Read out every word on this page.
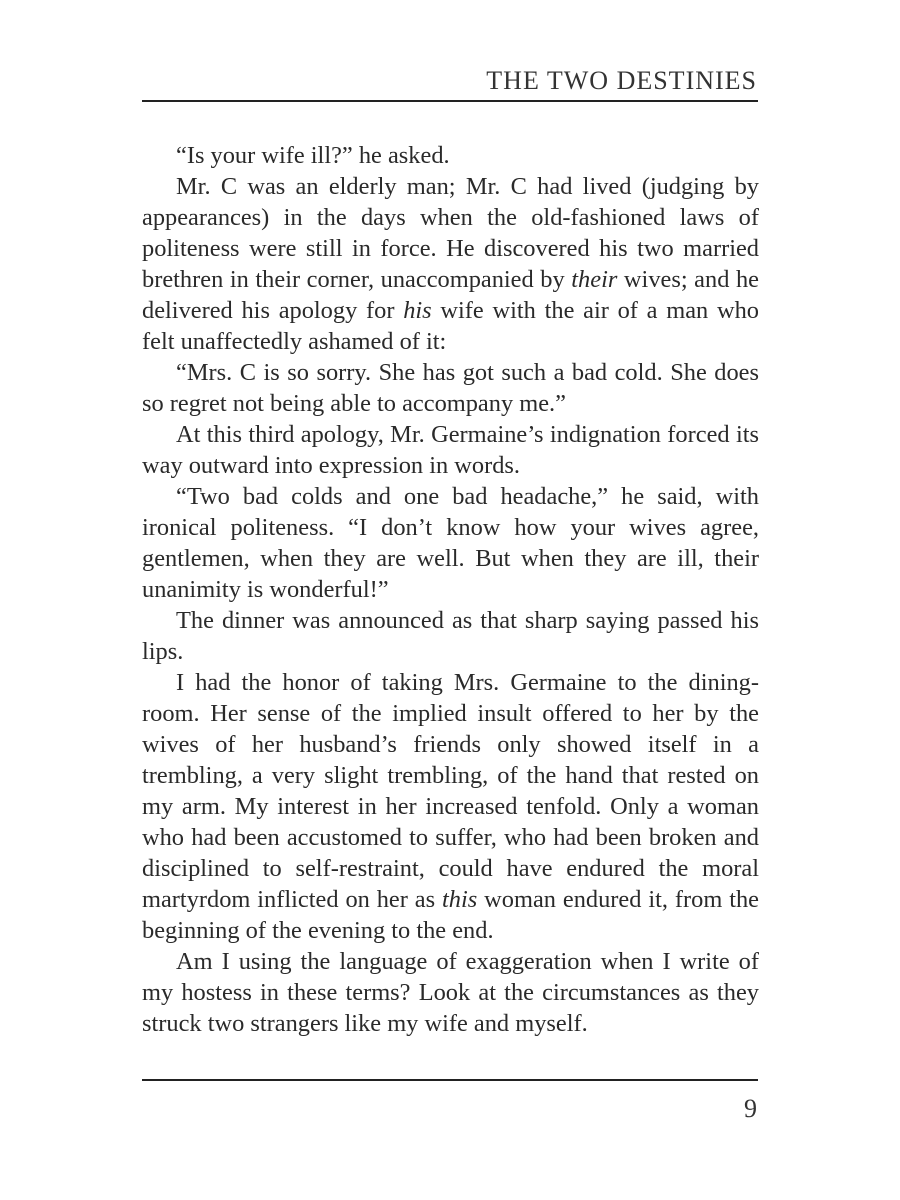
THE TWO DESTINIES

“Is your wife ill?” he asked.

Mr. C was an elderly man; Mr. C had lived (judging by appearances) in the days when the old-fashioned laws of politeness were still in force. He discovered his two married brethren in their corner, unaccompanied by their wives; and he delivered his apology for his wife with the air of a man who felt unaffectedly ashamed of it:

“Mrs. C is so sorry. She has got such a bad cold. She does so regret not being able to accompany me.”

At this third apology, Mr. Germaine’s indignation forced its way outward into expression in words.

“Two bad colds and one bad headache,” he said, with ironical politeness. “I don’t know how your wives agree, gentlemen, when they are well. But when they are ill, their unanimity is wonderful!”

The dinner was announced as that sharp saying passed his lips.

I had the honor of taking Mrs. Germaine to the dining-room. Her sense of the implied insult offered to her by the wives of her husband’s friends only showed itself in a trembling, a very slight trembling, of the hand that rested on my arm. My interest in her increased tenfold. Only a woman who had been accustomed to suffer, who had been broken and disciplined to self-restraint, could have endured the moral martyrdom inflicted on her as this woman endured it, from the beginning of the evening to the end.

Am I using the language of exaggeration when I write of my hostess in these terms? Look at the circumstances as they struck two strangers like my wife and myself.

9
